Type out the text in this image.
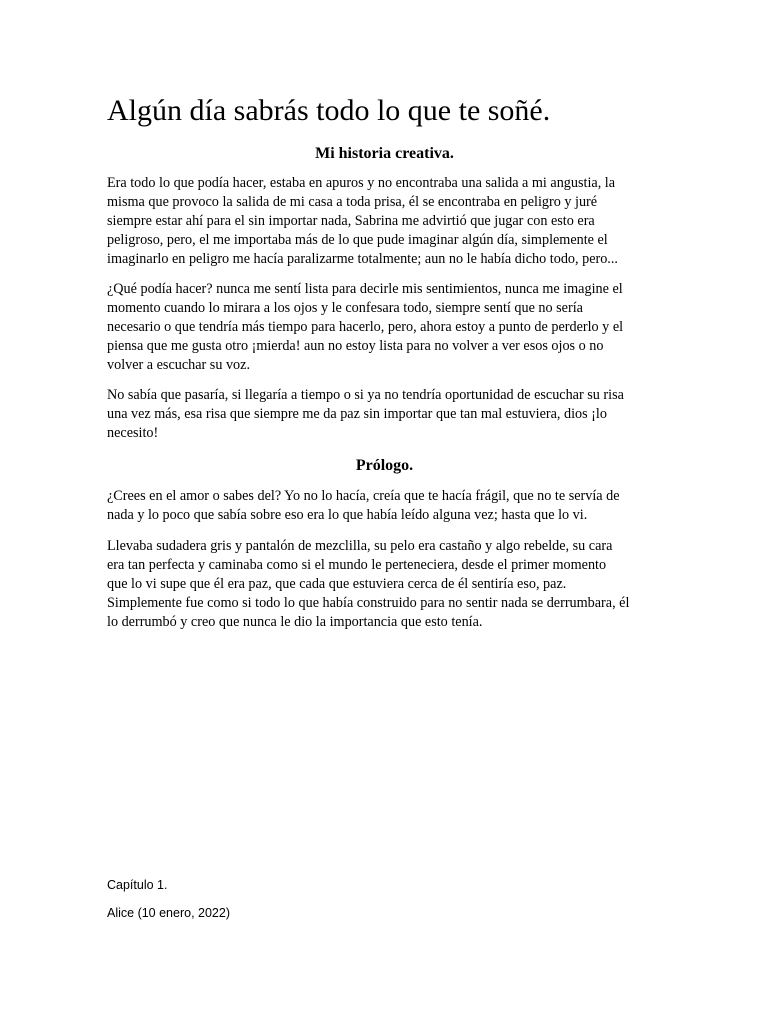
Algún día sabrás todo lo que te soñé.
Mi historia creativa.

Era todo lo que podía hacer, estaba en apuros y no encontraba una salida a mi angustia, la
misma que provoco la salida de mi casa a toda prisa, él se encontraba en peligro y juré
siempre estar ahí para el sin importar nada, Sabrina me advirtió que jugar con esto era
peligroso, pero, el me importaba más de lo que pude imaginar algún día, simplemente el
imaginarlo en peligro me hacía paralizarme totalmente; aun no le había dicho todo, pero...

¿Qué podía hacer? nunca me sentí lista para decirle mis sentimientos, nunca me imagine el
momento cuando lo mirara a los ojos y le confesara todo, siempre sentí que no sería
necesario o que tendría más tiempo para hacerlo, pero, ahora estoy a punto de perderlo y el
piensa que me gusta otro ¡mierda! aun no estoy lista para no volver a ver esos ojos o no
volver a escuchar su voz.

No sabía que pasaría, si llegaría a tiempo o si ya no tendría oportunidad de escuchar su risa
una vez más, esa risa que siempre me da paz sin importar que tan mal estuviera, dios ¡lo
necesito!

Prólogo.

¿Crees en el amor o sabes del? Yo no lo hacía, creía que te hacía frágil, que no te servía de
nada y lo poco que sabía sobre eso era lo que había leído alguna vez; hasta que lo vi.

Llevaba sudadera gris y pantalón de mezclilla, su pelo era castaño y algo rebelde, su cara
era tan perfecta y caminaba como si el mundo le perteneciera, desde el primer momento
que lo vi supe que él era paz, que cada que estuviera cerca de él sentiría eso, paz.
Simplemente fue como si todo lo que había construido para no sentir nada se derrumbara, él
lo derrumbó y creo que nunca le dio la importancia que esto tenía.

Capítulo 1.

Alice (10 enero, 2022)
